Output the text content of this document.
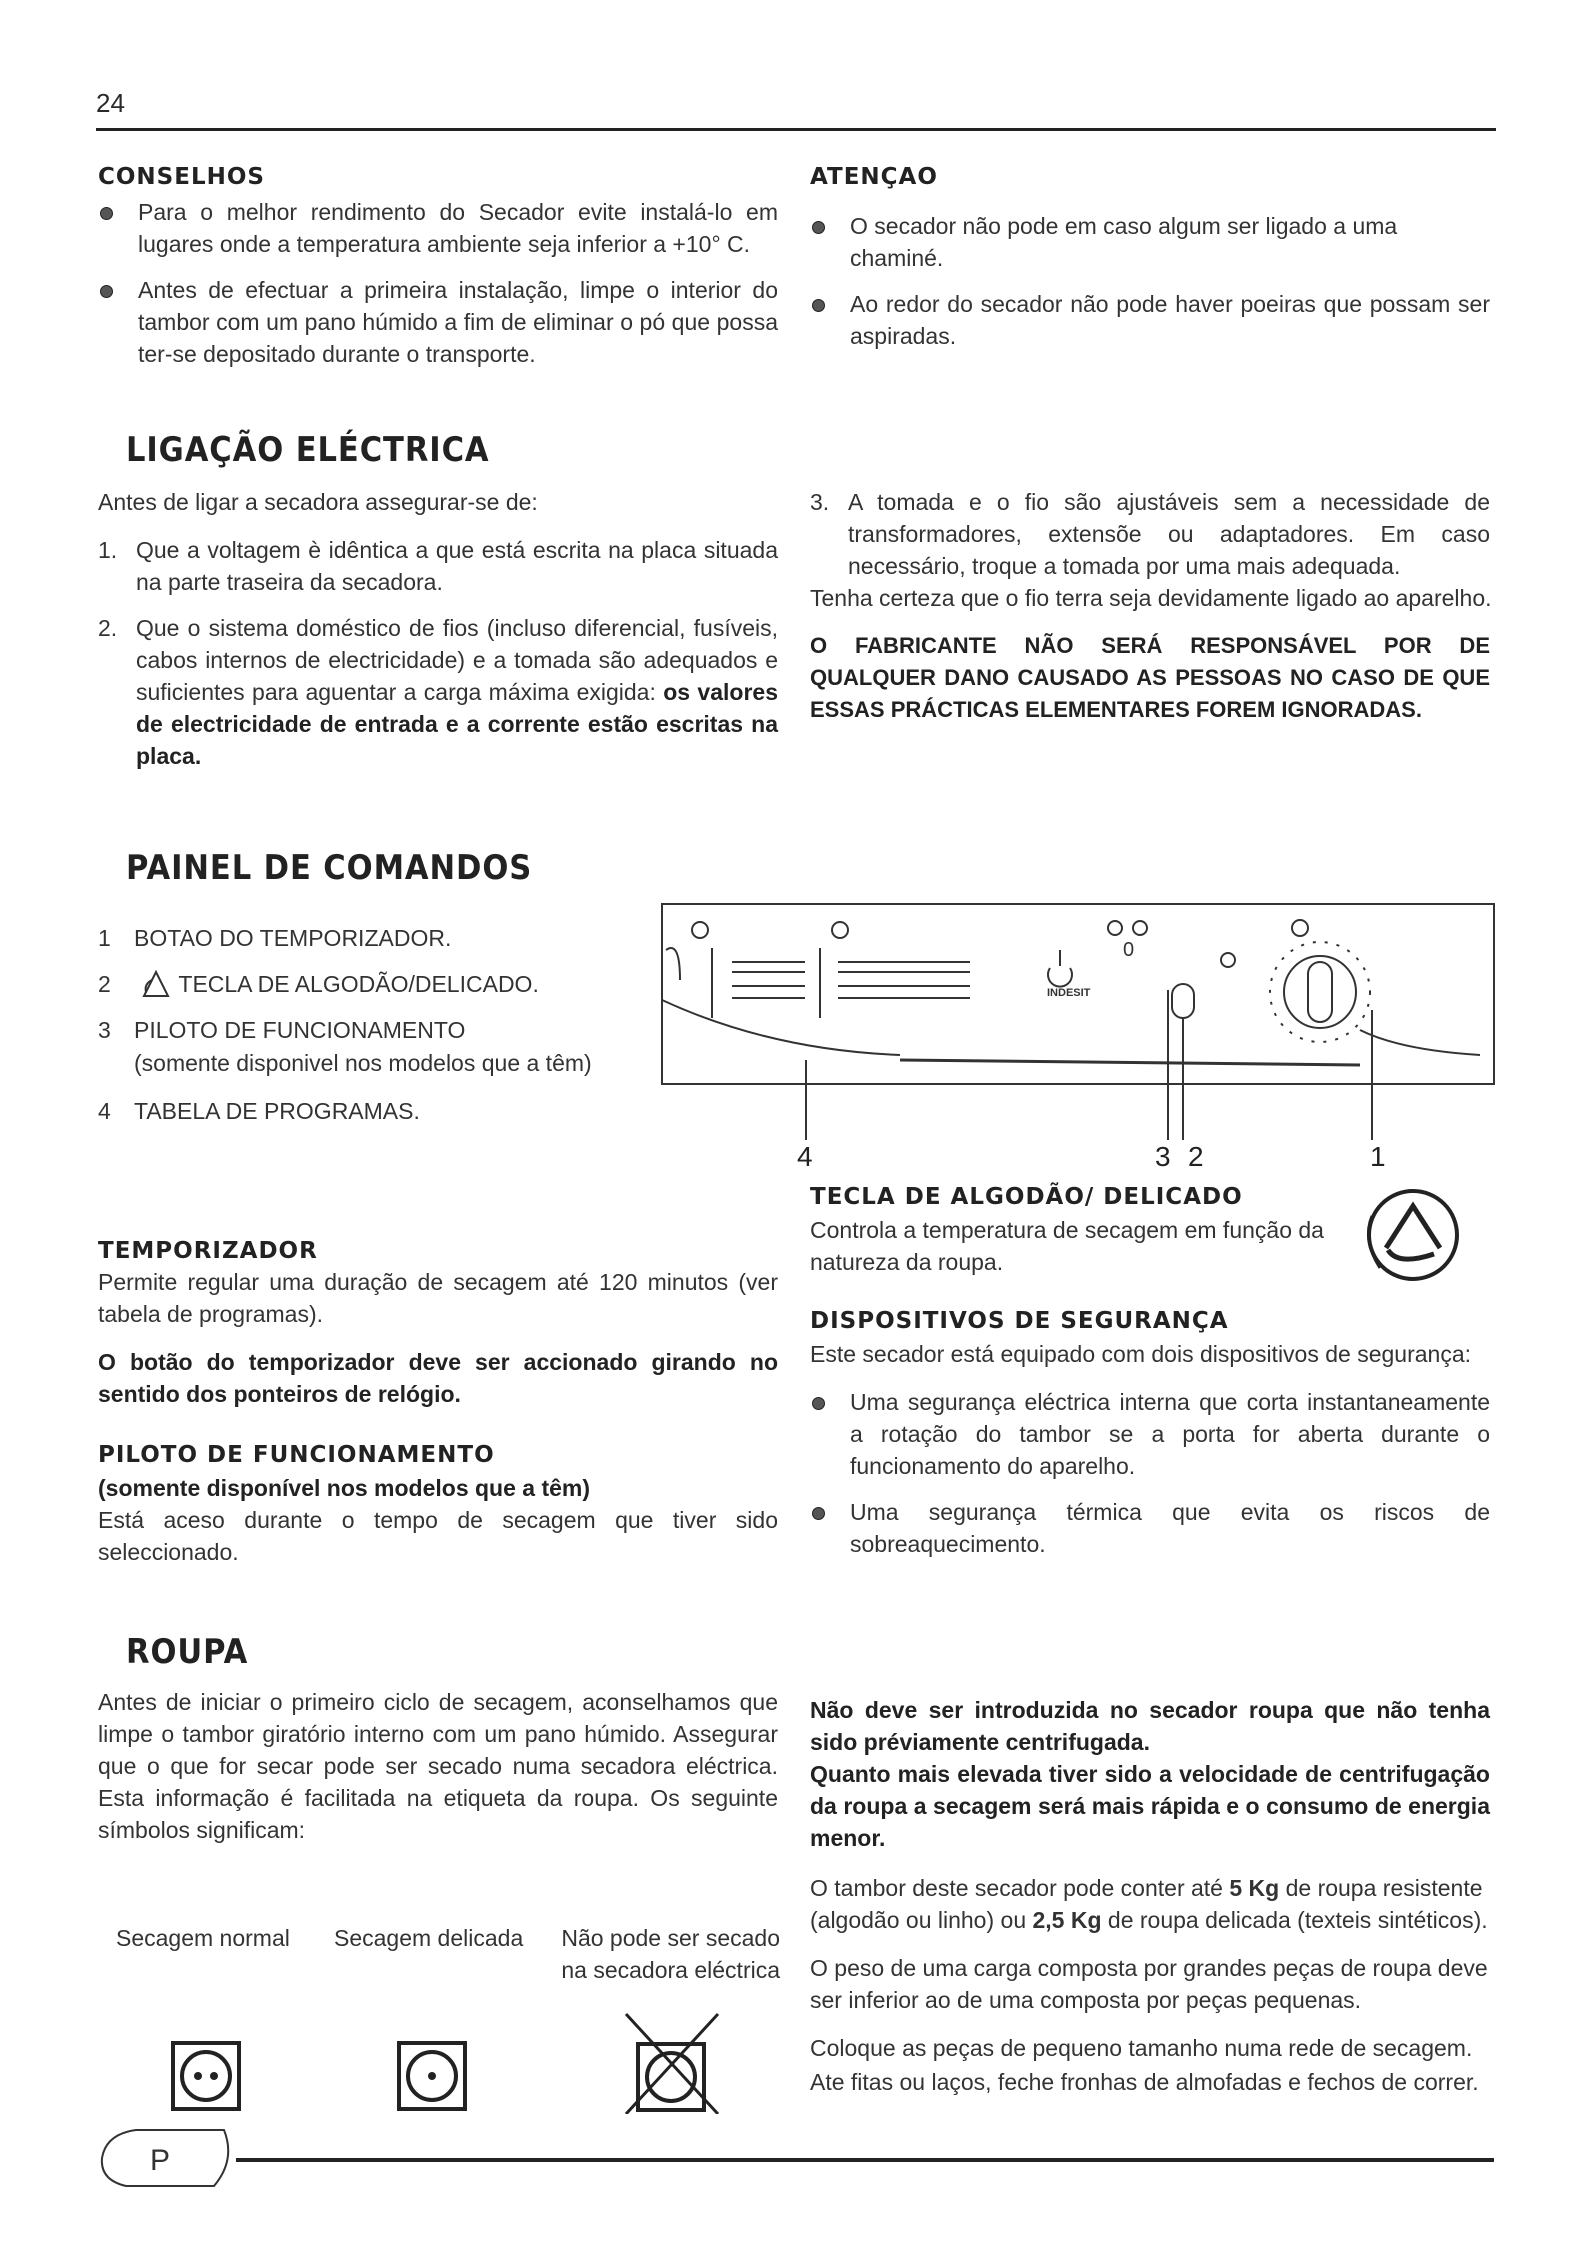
24
CONSELHOS
Para o melhor rendimento do Secador evite instalá-lo em lugares onde a temperatura ambiente seja inferior a +10° C.
Antes de efectuar a primeira instalação, limpe o interior do tambor com um pano húmido a fim de eliminar o pó que possa ter-se depositado durante o transporte.
ATENÇAO
O secador não pode em caso algum ser ligado a uma chaminé.
Ao redor do secador não pode haver poeiras que possam ser aspiradas.
LIGAÇÃO ELÉCTRICA
Antes de ligar a secadora assegurar-se de:
1. Que a voltagem è idêntica a que está escrita na placa situada na parte traseira da secadora.
2. Que o sistema doméstico de fios (incluso diferencial, fusíveis, cabos internos de electricidade) e a tomada são adequados e suficientes para aguentar a carga máxima exigida: os valores de electricidade de entrada e a corrente estão escritas na placa.
3. A tomada e o fio são ajustáveis sem a necessidade de transformadores, extensõe ou adaptadores. Em caso necessário, troque a tomada por uma mais adequada.
Tenha certeza que o fio terra seja devidamente ligado ao aparelho.
O FABRICANTE NÃO SERÁ RESPONSÁVEL POR DE QUALQUER DANO CAUSADO AS PESSOAS NO CASO DE QUE ESSAS PRÁCTICAS ELEMENTARES FOREM IGNORADAS.
PAINEL DE COMANDOS
1 BOTAO DO TEMPORIZADOR.
2	TECLA DE ALGODÃO/DELICADO.
3 PILOTO DE FUNCIONAMENTO
(somente disponivel nos modelos que a têm)
4 TABELA DE PROGRAMAS.
INDESIT
0
4	3 2	1
TEMPORIZADOR
Permite regular uma duração de secagem até 120 minutos (ver tabela de programas).
O botão do temporizador deve ser accionado girando no sentido dos ponteiros de relógio.
PILOTO DE FUNCIONAMENTO
(somente disponível nos modelos que a têm)
Está aceso durante o tempo de secagem que tiver sido seleccionado.
TECLA DE ALGODÃO/ DELICADO
Controla a temperatura de secagem em função da natureza da roupa.
DISPOSITIVOS DE SEGURANÇA
Este secador está equipado com dois dispositivos de segurança:
Uma segurança eléctrica interna que corta instantaneamente a rotação do tambor se a porta for aberta durante o funcionamento do aparelho.
Uma segurança térmica que evita os riscos de sobreaquecimento.
ROUPA
Antes de iniciar o primeiro ciclo de secagem, aconselhamos que limpe o tambor giratório interno com um pano húmido. Assegurar que o que for secar pode ser secado numa secadora eléctrica. Esta informação é facilitada na etiqueta da roupa. Os seguinte símbolos significam:
Secagem normal Secagem delicada Não pode ser secado na secadora eléctrica
Não deve ser introduzida no secador roupa que não tenha sido préviamente centrifugada.
Quanto mais elevada tiver sido a velocidade de centrifugação da roupa a secagem será mais rápida e o consumo de energia menor.
O tambor deste secador pode conter até 5 Kg de roupa resistente (algodão ou linho) ou 2,5 Kg de roupa delicada (texteis sintéticos).
O peso de uma carga composta por grandes peças de roupa deve ser inferior ao de uma composta por peças pequenas.
Coloque as peças de pequeno tamanho numa rede de secagem.
Ate fitas ou laços, feche fronhas de almofadas e fechos de correr.
P
